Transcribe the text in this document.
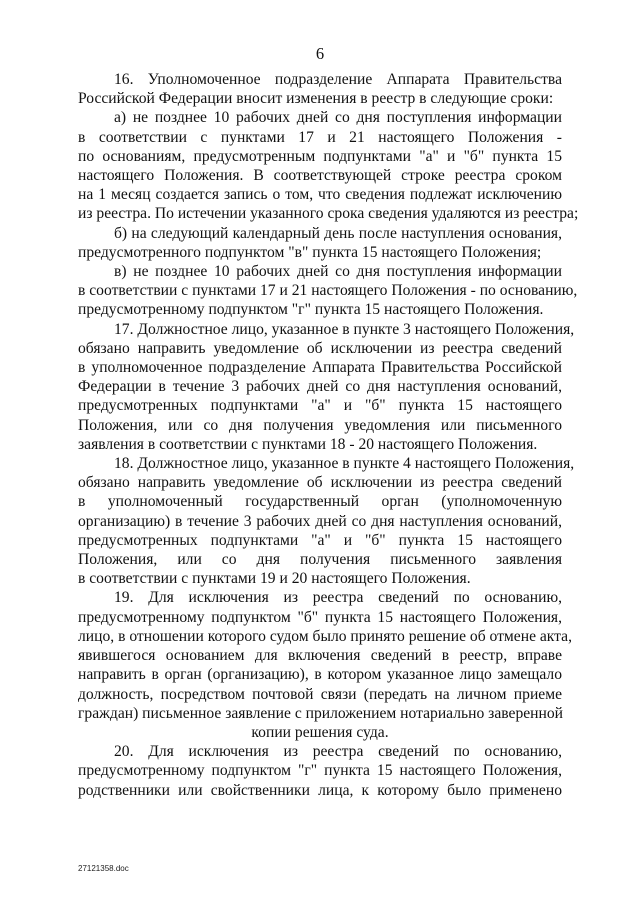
6
16. Уполномоченное подразделение Аппарата Правительства
Российской Федерации вносит изменения в реестр в следующие сроки:
а) не позднее 10 рабочих дней со дня поступления информации
в соответствии с пунктами 17 и 21 настоящего Положения -
по основаниям, предусмотренным подпунктами "а" и "б" пункта 15
настоящего Положения. В соответствующей строке реестра сроком
на 1 месяц создается запись о том, что сведения подлежат исключению
из реестра. По истечении указанного срока сведения удаляются из реестра;
б) на следующий календарный день после наступления основания,
предусмотренного подпунктом "в" пункта 15 настоящего Положения;
в) не позднее 10 рабочих дней со дня поступления информации
в соответствии с пунктами 17 и 21 настоящего Положения - по основанию,
предусмотренному подпунктом "г" пункта 15 настоящего Положения.
17. Должностное лицо, указанное в пункте 3 настоящего Положения,
обязано направить уведомление об исключении из реестра сведений
в уполномоченное подразделение Аппарата Правительства Российской
Федерации в течение 3 рабочих дней со дня наступления оснований,
предусмотренных подпунктами "а" и "б" пункта 15 настоящего
Положения, или со дня получения уведомления или письменного
заявления в соответствии с пунктами 18 - 20 настоящего Положения.
18. Должностное лицо, указанное в пункте 4 настоящего Положения,
обязано направить уведомление об исключении из реестра сведений
в уполномоченный государственный орган (уполномоченную
организацию) в течение 3 рабочих дней со дня наступления оснований,
предусмотренных подпунктами "а" и "б" пункта 15 настоящего
Положения, или со дня получения письменного заявления
в соответствии с пунктами 19 и 20 настоящего Положения.
19. Для исключения из реестра сведений по основанию,
предусмотренному подпунктом "б" пункта 15 настоящего Положения,
лицо, в отношении которого судом было принято решение об отмене акта,
явившегося основанием для включения сведений в реестр, вправе
направить в орган (организацию), в котором указанное лицо замещало
должность, посредством почтовой связи (передать на личном приеме
граждан) письменное заявление с приложением нотариально заверенной
копии решения суда.
20. Для исключения из реестра сведений по основанию,
предусмотренному подпунктом "г" пункта 15 настоящего Положения,
родственники или свойственники лица, к которому было применено
27121358.doc
